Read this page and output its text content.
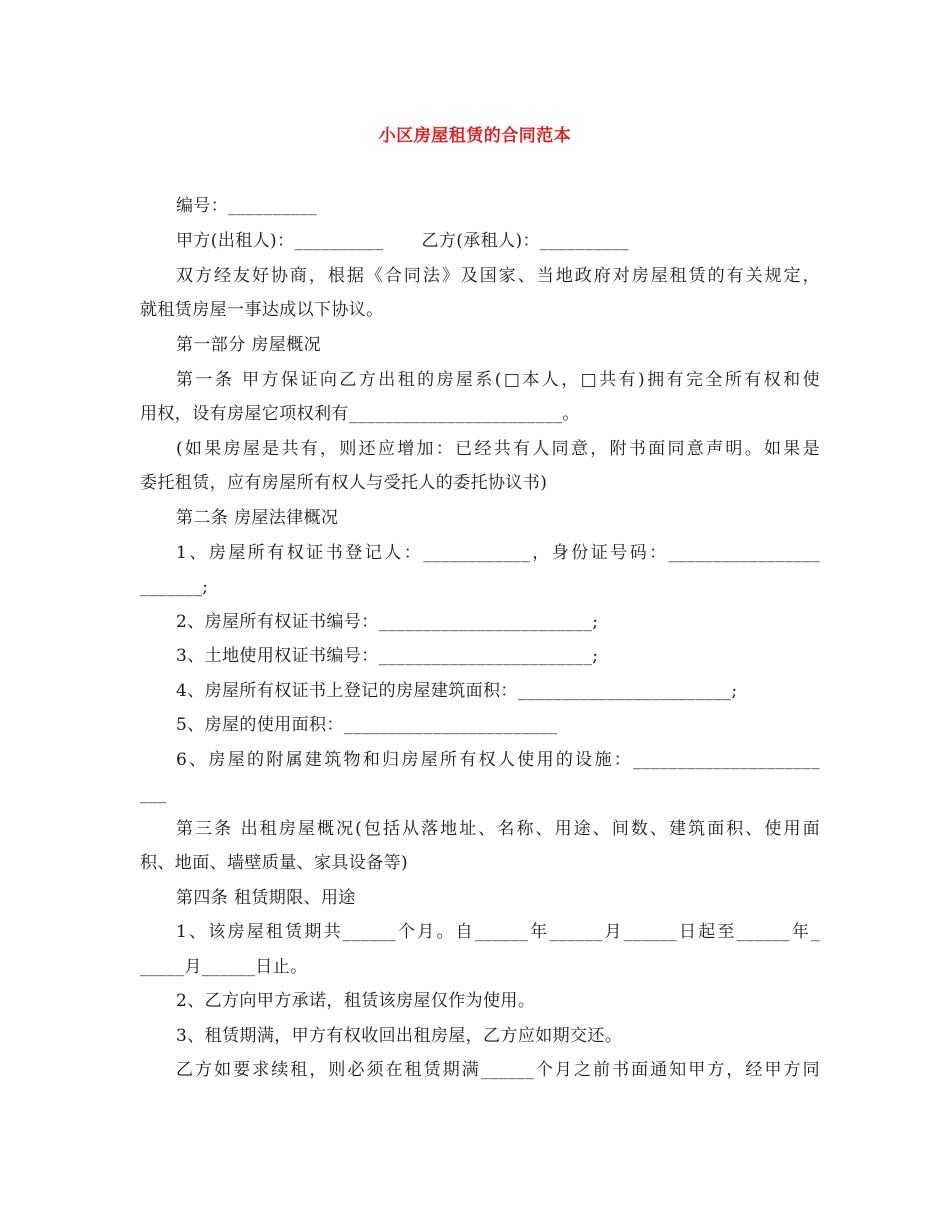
小区房屋租赁的合同范本
编号：__________
甲方(出租人)：__________ 乙方(承租人)：__________
双方经友好协商，根据《合同法》及国家、当地政府对房屋租赁的有关规定，
就租赁房屋一事达成以下协议。
第一部分 房屋概况
第一条 甲方保证向乙方出租的房屋系(□本人，□共有)拥有完全所有权和使
用权，设有房屋它项权利有________________________。
(如果房屋是共有，则还应增加：已经共有人同意，附书面同意声明。如果是
委托租赁，应有房屋所有权人与受托人的委托协议书)
第二条 房屋法律概况
1、房屋所有权证书登记人：____________，身份证号码：_________________
_______;
2、房屋所有权证书编号：________________________;
3、土地使用权证书编号：________________________;
4、房屋所有权证书上登记的房屋建筑面积：________________________;
5、房屋的使用面积：________________________
6、房屋的附属建筑物和归房屋所有权人使用的设施：_____________________
___
第三条 出租房屋概况(包括从落地址、名称、用途、间数、建筑面积、使用面
积、地面、墙壁质量、家具设备等)
第四条 租赁期限、用途
1、该房屋租赁期共______个月。自______年______月______日起至______年_
_____月______日止。
2、乙方向甲方承诺，租赁该房屋仅作为使用。
3、租赁期满，甲方有权收回出租房屋，乙方应如期交还。
乙方如要求续租，则必须在租赁期满______个月之前书面通知甲方，经甲方同
